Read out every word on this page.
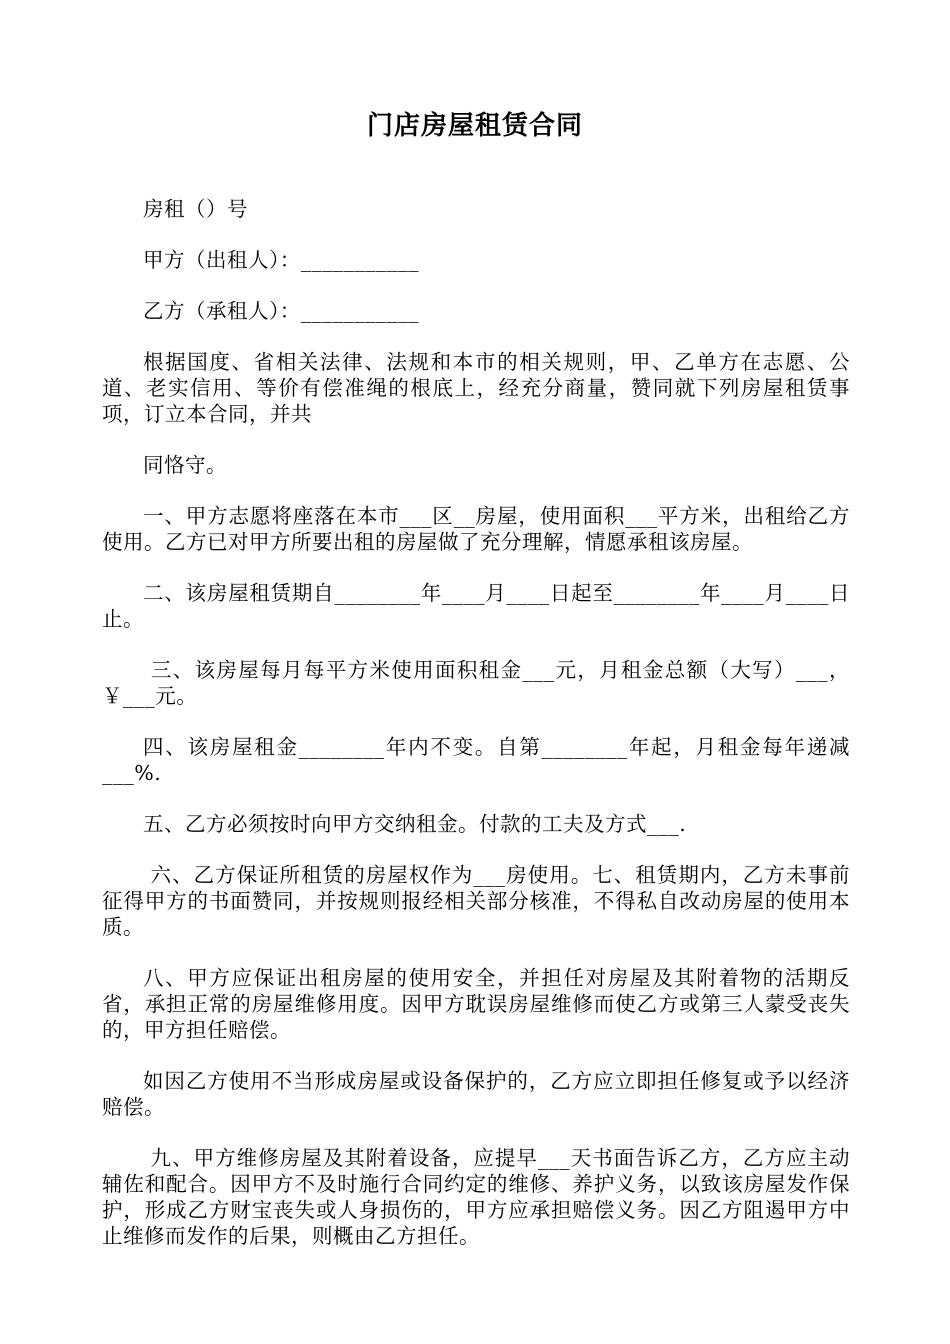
门店房屋租赁合同

房租（）号

甲方（出租人）：___________

乙方（承租人）：___________

根据国度、省相关法律、法规和本市的相关规则，甲、乙单方在志愿、公道、老实信用、等价有偿准绳的根底上，经充分商量，赞同就下列房屋租赁事项，订立本合同，并共

同恪守。

一、甲方志愿将座落在本市___区__房屋，使用面积___平方米，出租给乙方使用。乙方已对甲方所要出租的房屋做了充分理解，情愿承租该房屋。

二、该房屋租赁期自________年____月____日起至________年____月____日止。

三、该房屋每月每平方米使用面积租金___元，月租金总额（大写）___，￥___元。

四、该房屋租金________年内不变。自第________年起，月租金每年递减___%.

五、乙方必须按时向甲方交纳租金。付款的工夫及方式___.

六、乙方保证所租赁的房屋权作为___房使用。七、租赁期内，乙方未事前征得甲方的书面赞同，并按规则报经相关部分核准，不得私自改动房屋的使用本质。

八、甲方应保证出租房屋的使用安全，并担任对房屋及其附着物的活期反省，承担正常的房屋维修用度。因甲方耽误房屋维修而使乙方或第三人蒙受丧失的，甲方担任赔偿。

如因乙方使用不当形成房屋或设备保护的，乙方应立即担任修复或予以经济赔偿。

九、甲方维修房屋及其附着设备，应提早___天书面告诉乙方，乙方应主动辅佐和配合。因甲方不及时施行合同约定的维修、养护义务，以致该房屋发作保护，形成乙方财宝丧失或人身损伤的，甲方应承担赔偿义务。因乙方阻遏甲方中止维修而发作的后果，则概由乙方担任。
